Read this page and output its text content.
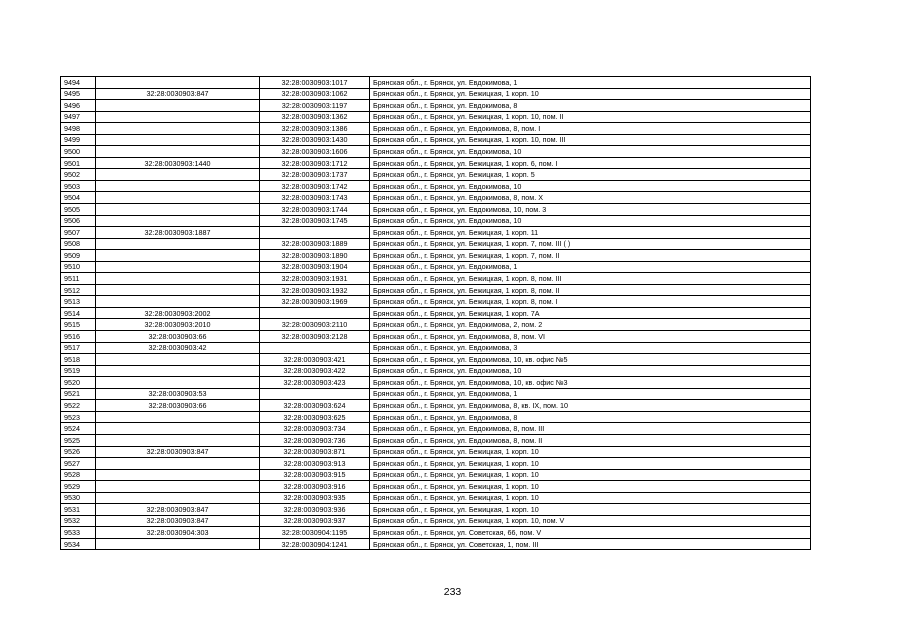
9494		32:28:0030903:1017	Брянская обл., г. Брянск, ул. Евдокимова, 1
9495	32:28:0030903:847	32:28:0030903:1062	Брянская обл., г. Брянск, ул. Бежицкая, 1 корп. 10
9496		32:28:0030903:1197	Брянская обл., г. Брянск, ул. Евдокимова, 8
9497		32:28:0030903:1362	Брянская обл., г. Брянск, ул. Бежицкая, 1 корп. 10, пом. II
9498		32:28:0030903:1386	Брянская обл., г. Брянск, ул. Евдокимова, 8, пом. I
9499		32:28:0030903:1430	Брянская обл., г. Брянск, ул. Бежицкая, 1 корп. 10, пом. III
9500		32:28:0030903:1606	Брянская обл., г. Брянск, ул. Евдокимова, 10
9501	32:28:0030903:1440	32:28:0030903:1712	Брянская обл., г. Брянск, ул. Бежицкая, 1 корп. 6, пом. I
9502		32:28:0030903:1737	Брянская обл., г. Брянск, ул. Бежицкая, 1 корп. 5
9503		32:28:0030903:1742	Брянская обл., г. Брянск, ул. Евдокимова, 10
9504		32:28:0030903:1743	Брянская обл., г. Брянск, ул. Евдокимова, 8, пом. X
9505		32:28:0030903:1744	Брянская обл., г. Брянск, ул. Евдокимова, 10, пом. 3
9506		32:28:0030903:1745	Брянская обл., г. Брянск, ул. Евдокимова, 10
9507	32:28:0030903:1887		Брянская обл., г. Брянск, ул. Бежицкая, 1 корп. 11
9508		32:28:0030903:1889	Брянская обл., г. Брянск, ул. Бежицкая, 1 корп. 7, пом. III ( )
9509		32:28:0030903:1890	Брянская обл., г. Брянск, ул. Бежицкая, 1 корп. 7, пом. II
9510		32:28:0030903:1904	Брянская обл., г. Брянск, ул. Евдокимова, 1
9511		32:28:0030903:1931	Брянская обл., г. Брянск, ул. Бежицкая, 1 корп. 8, пом. III
9512		32:28:0030903:1932	Брянская обл., г. Брянск, ул. Бежицкая, 1 корп. 8, пом. II
9513		32:28:0030903:1969	Брянская обл., г. Брянск, ул. Бежицкая, 1 корп. 8, пом. I
9514	32:28:0030903:2002		Брянская обл., г. Брянск, ул. Бежицкая, 1 корп. 7А
9515	32:28:0030903:2010	32:28:0030903:2110	Брянская обл., г. Брянск, ул. Евдокимова, 2, пом. 2
9516	32:28:0030903:66	32:28:0030903:2128	Брянская обл., г. Брянск, ул. Евдокимова, 8, пом. VI
9517	32:28:0030903:42		Брянская обл., г. Брянск, ул. Евдокимова, 3
9518		32:28:0030903:421	Брянская обл., г. Брянск, ул. Евдокимова, 10, кв. офис №5
9519		32:28:0030903:422	Брянская обл., г. Брянск, ул. Евдокимова, 10
9520		32:28:0030903:423	Брянская обл., г. Брянск, ул. Евдокимова, 10, кв. офис №3
9521	32:28:0030903:53		Брянская обл., г. Брянск, ул. Евдокимова, 1
9522	32:28:0030903:66	32:28:0030903:624	Брянская обл., г. Брянск, ул. Евдокимова, 8, кв. IX, пом. 10
9523		32:28:0030903:625	Брянская обл., г. Брянск, ул. Евдокимова, 8
9524		32:28:0030903:734	Брянская обл., г. Брянск, ул. Евдокимова, 8, пом. III
9525		32:28:0030903:736	Брянская обл., г. Брянск, ул. Евдокимова, 8, пом. II
9526	32:28:0030903:847	32:28:0030903:871	Брянская обл., г. Брянск, ул. Бежицкая, 1 корп. 10
9527		32:28:0030903:913	Брянская обл., г. Брянск, ул. Бежицкая, 1 корп. 10
9528		32:28:0030903:915	Брянская обл., г. Брянск, ул. Бежицкая, 1 корп. 10
9529		32:28:0030903:916	Брянская обл., г. Брянск, ул. Бежицкая, 1 корп. 10
9530		32:28:0030903:935	Брянская обл., г. Брянск, ул. Бежицкая, 1 корп. 10
9531	32:28:0030903:847	32:28:0030903:936	Брянская обл., г. Брянск, ул. Бежицкая, 1 корп. 10
9532	32:28:0030903:847	32:28:0030903:937	Брянская обл., г. Брянск, ул. Бежицкая, 1 корп. 10, пом. V
9533	32:28:0030904:303	32:28:0030904:1195	Брянская обл., г. Брянск, ул. Советская, 66, пом. V
9534		32:28:0030904:1241	Брянская обл., г. Брянск, ул. Советская, 1, пом. III
233
